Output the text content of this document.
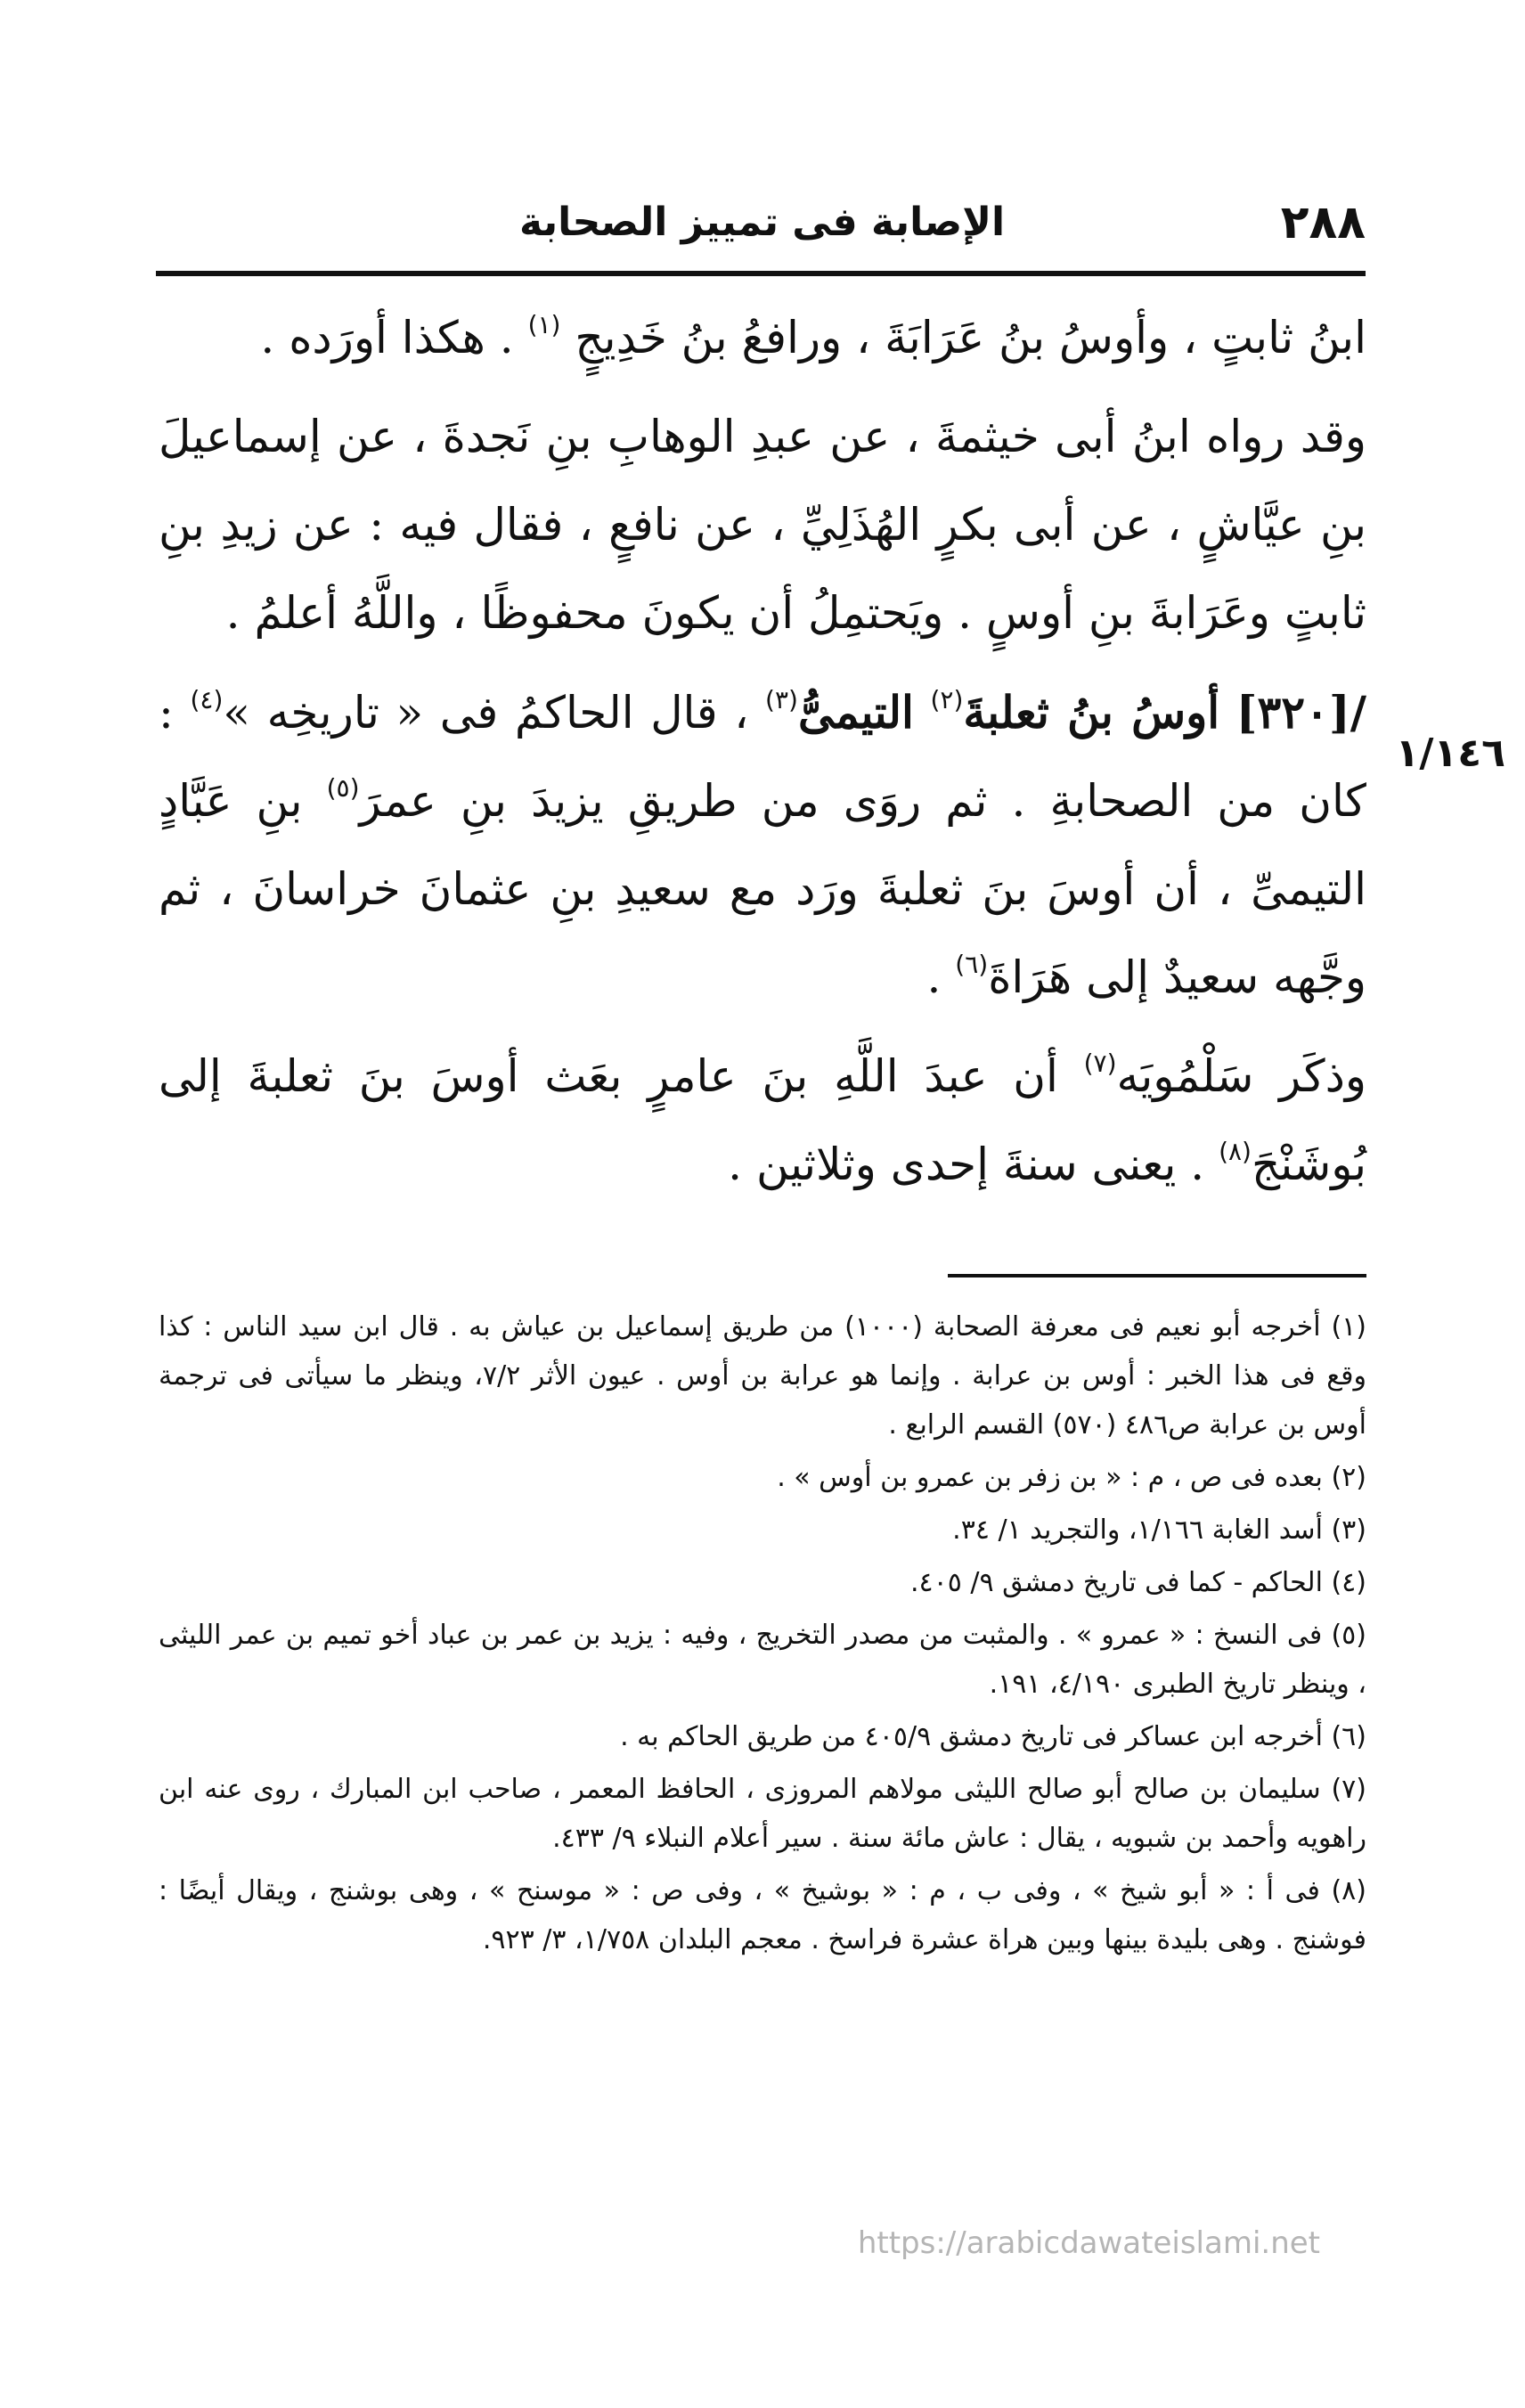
٢٨٨
الإصابة فى تمييز الصحابة
١/١٤٦

ابنُ ثابتٍ ، وأوسُ بنُ عَرَابَةَ ، ورافعُ بنُ خَدِيجٍ $^{(١)}$ . هكذا أورَده .

وقد رواه ابنُ أبى خيثمةَ ، عن عبدِ الوهابِ بنِ نَجدةَ ، عن إسماعيلَ بنِ عيَّاشٍ ، عن أبى بكرٍ الهُذَلِيِّ ، عن نافعٍ ، فقال فيه : عن زيدِ بنِ ثابتٍ وعَرَابةَ بنِ أوسٍ . ويَحتمِلُ أن يكونَ محفوظًا ، واللَّهُ أعلمُ .

/[٣٢٠] أوسُ بنُ ثعلبةَ$^{(٢)}$ التيمىُّ$^{(٣)}$ ، قال الحاكمُ فى « تاريخِه »$^{(٤)}$ : كان من الصحابةِ . ثم روَى من طريقِ يزيدَ بنِ عمرَ$^{(٥)}$ بنِ عَبَّادٍ التيمىِّ ، أن أوسَ بنَ ثعلبةَ ورَد مع سعيدِ بنِ عثمانَ خراسانَ ، ثم وجَّهه سعيدٌ إلى هَرَاةَ$^{(٦)}$ .

وذكَر سَلْمُويَه$^{(٧)}$ أن عبدَ اللَّهِ بنَ عامرٍ بعَث أوسَ بنَ ثعلبةَ إلى بُوشَنْجَ$^{(٨)}$ . يعنى سنةَ إحدى وثلاثين .

(١) أخرجه أبو نعيم فى معرفة الصحابة (١٠٠٠) من طريق إسماعيل بن عياش به . قال ابن سيد الناس : كذا وقع فى هذا الخبر : أوس بن عرابة . وإنما هو عرابة بن أوس . عيون الأثر ٧/٢، وينظر ما سيأتى فى ترجمة أوس بن عرابة ص٤٨٦ (٥٧٠) القسم الرابع .

(٢) بعده فى ص ، م : « بن زفر بن عمرو بن أوس » .

(٣) أسد الغابة ١/١٦٦، والتجريد ١/ ٣٤.

(٤) الحاكم - كما فى تاريخ دمشق ٩/ ٤٠٥.

(٥) فى النسخ : « عمرو » . والمثبت من مصدر التخريج ، وفيه : يزيد بن عمر بن عباد أخو تميم بن عمر الليثى ، وينظر تاريخ الطبرى ٤/١٩٠، ١٩١.

(٦) أخرجه ابن عساكر فى تاريخ دمشق ٤٠٥/٩ من طريق الحاكم به .

(٧) سليمان بن صالح أبو صالح الليثى مولاهم المروزى ، الحافظ المعمر ، صاحب ابن المبارك ، روى عنه ابن راهويه وأحمد بن شبويه ، يقال : عاش مائة سنة . سير أعلام النبلاء ٩/ ٤٣٣.

(٨) فى أ : « أبو شيخ » ، وفى ب ، م : « بوشيخ » ، وفى ص : « موسنح » ، وهى بوشنج ، ويقال أيضًا : فوشنج . وهى بليدة بينها وبين هراة عشرة فراسخ . معجم البلدان ١/٧٥٨، ٣/ ٩٢٣.

https://arabicdawateislami.net
